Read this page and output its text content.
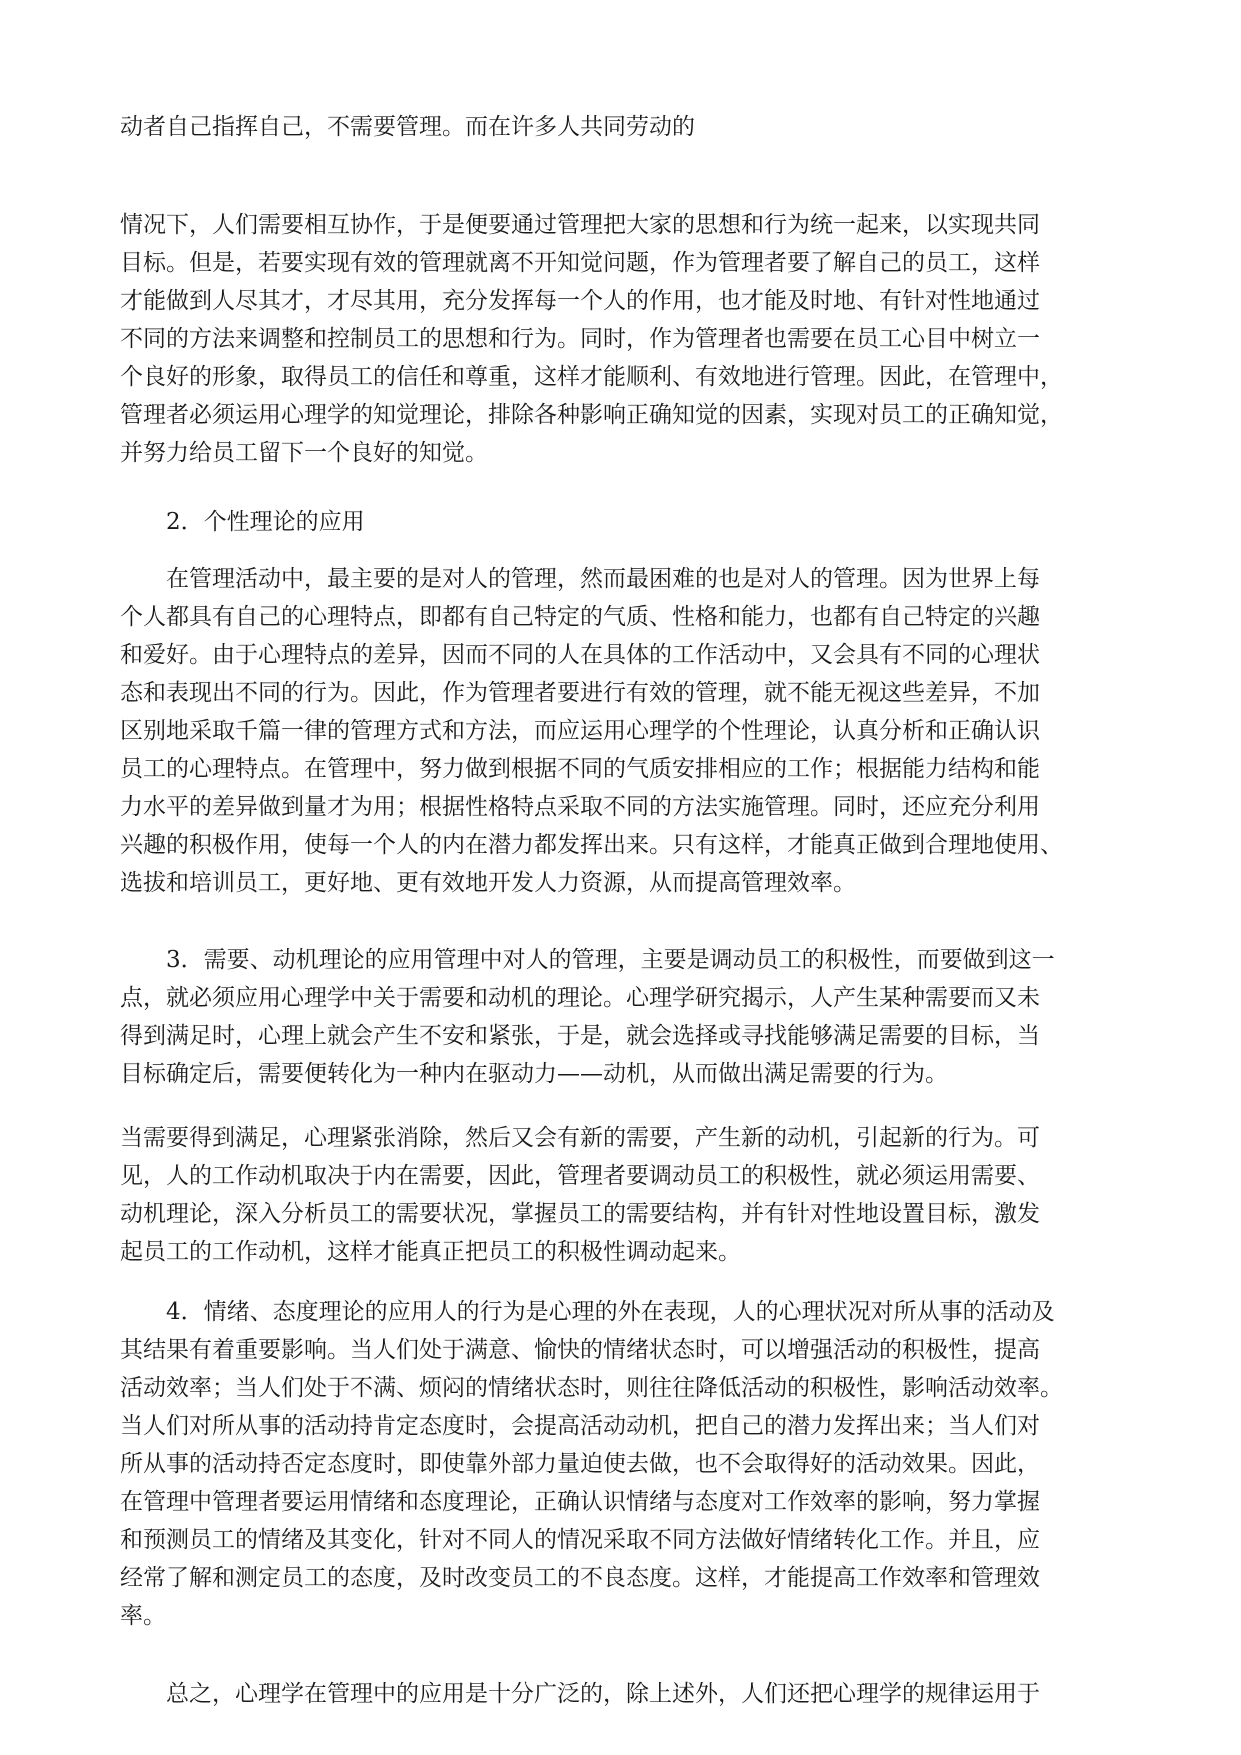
动者自己指挥自己，不需要管理。而在许多人共同劳动的
情况下，人们需要相互协作，于是便要通过管理把大家的思想和行为统一起来，以实现共同
目标。但是，若要实现有效的管理就离不开知觉问题，作为管理者要了解自己的员工，这样
才能做到人尽其才，才尽其用，充分发挥每一个人的作用，也才能及时地、有针对性地通过
不同的方法来调整和控制员工的思想和行为。同时，作为管理者也需要在员工心目中树立一
个良好的形象，取得员工的信任和尊重，这样才能顺利、有效地进行管理。因此，在管理中，
管理者必须运用心理学的知觉理论，排除各种影响正确知觉的因素，实现对员工的正确知觉，
并努力给员工留下一个良好的知觉。
2．个性理论的应用
在管理活动中，最主要的是对人的管理，然而最困难的也是对人的管理。因为世界上每
个人都具有自己的心理特点，即都有自己特定的气质、性格和能力，也都有自己特定的兴趣
和爱好。由于心理特点的差异，因而不同的人在具体的工作活动中，又会具有不同的心理状
态和表现出不同的行为。因此，作为管理者要进行有效的管理，就不能无视这些差异，不加
区别地采取千篇一律的管理方式和方法，而应运用心理学的个性理论，认真分析和正确认识
员工的心理特点。在管理中，努力做到根据不同的气质安排相应的工作；根据能力结构和能
力水平的差异做到量才为用；根据性格特点采取不同的方法实施管理。同时，还应充分利用
兴趣的积极作用，使每一个人的内在潜力都发挥出来。只有这样，才能真正做到合理地使用、
选拔和培训员工，更好地、更有效地开发人力资源，从而提高管理效率。
3．需要、动机理论的应用管理中对人的管理，主要是调动员工的积极性，而要做到这一
点，就必须应用心理学中关于需要和动机的理论。心理学研究揭示，人产生某种需要而又未
得到满足时，心理上就会产生不安和紧张，于是，就会选择或寻找能够满足需要的目标，当
目标确定后，需要便转化为一种内在驱动力——动机，从而做出满足需要的行为。
当需要得到满足，心理紧张消除，然后又会有新的需要，产生新的动机，引起新的行为。可
见，人的工作动机取决于内在需要，因此，管理者要调动员工的积极性，就必须运用需要、
动机理论，深入分析员工的需要状况，掌握员工的需要结构，并有针对性地设置目标，激发
起员工的工作动机，这样才能真正把员工的积极性调动起来。
4．情绪、态度理论的应用人的行为是心理的外在表现，人的心理状况对所从事的活动及
其结果有着重要影响。当人们处于满意、愉快的情绪状态时，可以增强活动的积极性，提高
活动效率；当人们处于不满、烦闷的情绪状态时，则往往降低活动的积极性，影响活动效率。
当人们对所从事的活动持肯定态度时，会提高活动动机，把自己的潜力发挥出来；当人们对
所从事的活动持否定态度时，即使靠外部力量迫使去做，也不会取得好的活动效果。因此，
在管理中管理者要运用情绪和态度理论，正确认识情绪与态度对工作效率的影响，努力掌握
和预测员工的情绪及其变化，针对不同人的情况采取不同方法做好情绪转化工作。并且，应
经常了解和测定员工的态度，及时改变员工的不良态度。这样，才能提高工作效率和管理效
率。
总之，心理学在管理中的应用是十分广泛的，除上述外，人们还把心理学的规律运用于
